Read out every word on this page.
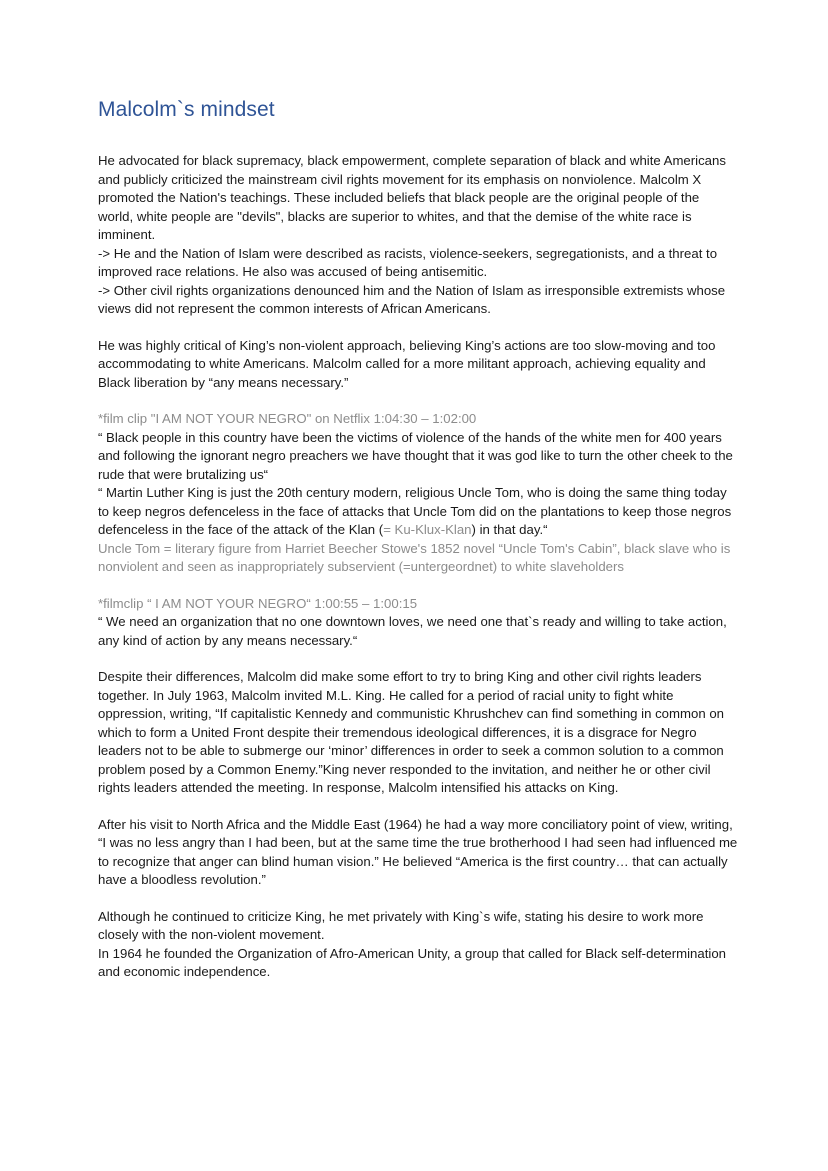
Malcolm`s mindset

He advocated for black supremacy, black empowerment, complete separation of black and white Americans and publicly criticized the mainstream civil rights movement for its emphasis on nonviolence. Malcolm X promoted the Nation's teachings. These included beliefs that black people are the original people of the world, white people are "devils", blacks are superior to whites, and that the demise of the white race is imminent.

-> He and the Nation of Islam were described as racists, violence-seekers, segregationists, and a threat to improved race relations. He also was accused of being antisemitic.

-> Other civil rights organizations denounced him and the Nation of Islam as irresponsible extremists whose views did not represent the common interests of African Americans.

He was highly critical of King’s non-violent approach, believing King’s actions are too slow-moving and too accommodating to white Americans. Malcolm called for a more militant approach, achieving equality and Black liberation by “any means necessary.”

*film clip "I AM NOT YOUR NEGRO" on Netflix 1:04:30 – 1:02:00

“ Black people in this country have been the victims of violence of the hands of the white men for 400 years and following the ignorant negro preachers we have thought that it was god like to turn the other cheek to the rude that were brutalizing us“

“ Martin Luther King is just the 20th century modern, religious Uncle Tom, who is doing the same thing today to keep negros defenceless in the face of attacks that Uncle Tom did on the plantations to keep those negros defenceless in the face of the attack of the Klan (= Ku-Klux-Klan) in that day.“

Uncle Tom = literary figure from Harriet Beecher Stowe's 1852 novel “Uncle Tom's Cabin”, black slave who is nonviolent and seen as inappropriately subservient (=untergeordnet) to white slaveholders

*filmclip “ I AM NOT YOUR NEGRO“ 1:00:55 – 1:00:15

“ We need an organization that no one downtown loves, we need one that`s ready and willing to take action, any kind of action by any means necessary.“

Despite their differences, Malcolm did make some effort to try to bring King and other civil rights leaders together. In July 1963, Malcolm invited M.L. King. He called for a period of racial unity to fight white oppression, writing, “If capitalistic Kennedy and communistic Khrushchev can find something in common on which to form a United Front despite their tremendous ideological differences, it is a disgrace for Negro leaders not to be able to submerge our ‘minor’ differences in order to seek a common solution to a common problem posed by a Common Enemy.”King never responded to the invitation, and neither he or other civil rights leaders attended the meeting. In response, Malcolm intensified his attacks on King.

After his visit to North Africa and the Middle East (1964) he had a way more conciliatory point of view, writing, “I was no less angry than I had been, but at the same time the true brotherhood I had seen had influenced me to recognize that anger can blind human vision.” He believed “America is the first country… that can actually have a bloodless revolution.”

Although he continued to criticize King, he met privately with King`s wife, stating his desire to work more closely with the non-violent movement.

In 1964 he founded the Organization of Afro-American Unity, a group that called for Black self-determination and economic independence.
